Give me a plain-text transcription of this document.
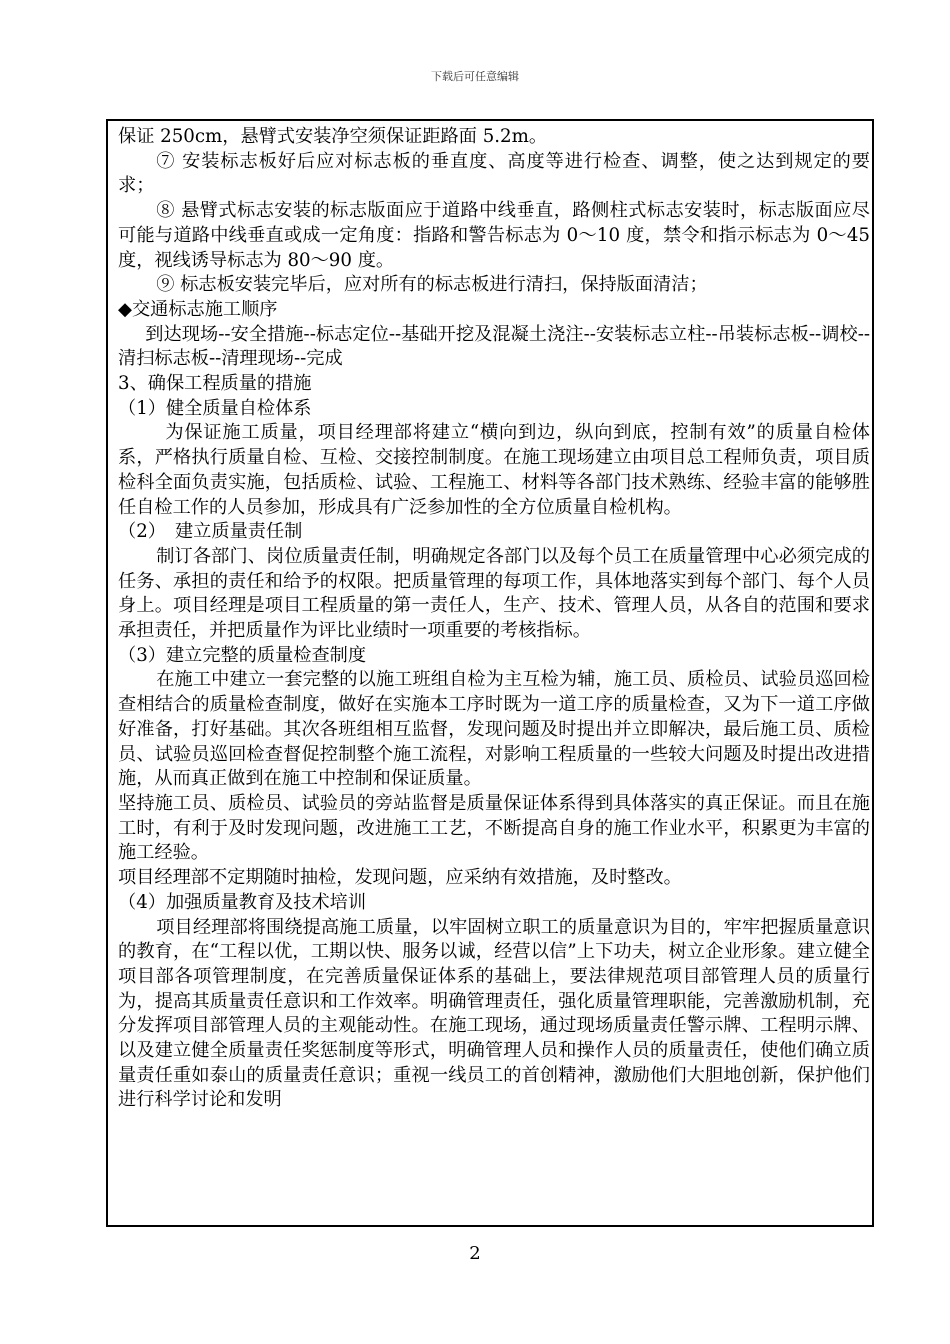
下载后可任意编辑

保证 250cm，悬臂式安装净空须保证距路面 5.2m。

⑦ 安装标志板好后应对标志板的垂直度、高度等进行检查、调整，使之达到规定的要求；

⑧ 悬臂式标志安装的标志版面应于道路中线垂直，路侧柱式标志安装时，标志版面应尽可能与道路中线垂直或成一定角度：指路和警告标志为 0～10 度，禁令和指示标志为 0～45 度，视线诱导标志为 80～90 度。

⑨ 标志板安装完毕后，应对所有的标志板进行清扫，保持版面清洁；

◆交通标志施工顺序

到达现场--安全措施--标志定位--基础开挖及混凝土浇注--安装标志立柱--吊装标志板--调校--清扫标志板--清理现场--完成

3、确保工程质量的措施

（1）健全质量自检体系

为保证施工质量，项目经理部将建立“横向到边，纵向到底，控制有效”的质量自检体系，严格执行质量自检、互检、交接控制制度。在施工现场建立由项目总工程师负责，项目质检科全面负责实施，包括质检、试验、工程施工、材料等各部门技术熟练、经验丰富的能够胜任自检工作的人员参加，形成具有广泛参加性的全方位质量自检机构。

（2）　建立质量责任制

制订各部门、岗位质量责任制，明确规定各部门以及每个员工在质量管理中心必须完成的任务、承担的责任和给予的权限。把质量管理的每项工作，具体地落实到每个部门、每个人员身上。项目经理是项目工程质量的第一责任人，生产、技术、管理人员，从各自的范围和要求承担责任，并把质量作为评比业绩时一项重要的考核指标。

（3）建立完整的质量检查制度

在施工中建立一套完整的以施工班组自检为主互检为辅，施工员、质检员、试验员巡回检查相结合的质量检查制度，做好在实施本工序时既为一道工序的质量检查，又为下一道工序做好准备，打好基础。其次各班组相互监督，发现问题及时提出并立即解决，最后施工员、质检员、试验员巡回检查督促控制整个施工流程，对影响工程质量的一些较大问题及时提出改进措施，从而真正做到在施工中控制和保证质量。

坚持施工员、质检员、试验员的旁站监督是质量保证体系得到具体落实的真正保证。而且在施工时，有利于及时发现问题，改进施工工艺，不断提高自身的施工作业水平，积累更为丰富的施工经验。

项目经理部不定期随时抽检，发现问题，应采纳有效措施，及时整改。

（4）加强质量教育及技术培训

项目经理部将围绕提高施工质量，以牢固树立职工的质量意识为目的，牢牢把握质量意识的教育，在“工程以优，工期以快、服务以诚，经营以信”上下功夫，树立企业形象。建立健全项目部各项管理制度，在完善质量保证体系的基础上，要法律规范项目部管理人员的质量行为，提高其质量责任意识和工作效率。明确管理责任，强化质量管理职能，完善激励机制，充分发挥项目部管理人员的主观能动性。在施工现场，通过现场质量责任警示牌、工程明示牌、以及建立健全质量责任奖惩制度等形式，明确管理人员和操作人员的质量责任，使他们确立质量责任重如泰山的质量责任意识；重视一线员工的首创精神，激励他们大胆地创新，保护他们进行科学讨论和发明

2
